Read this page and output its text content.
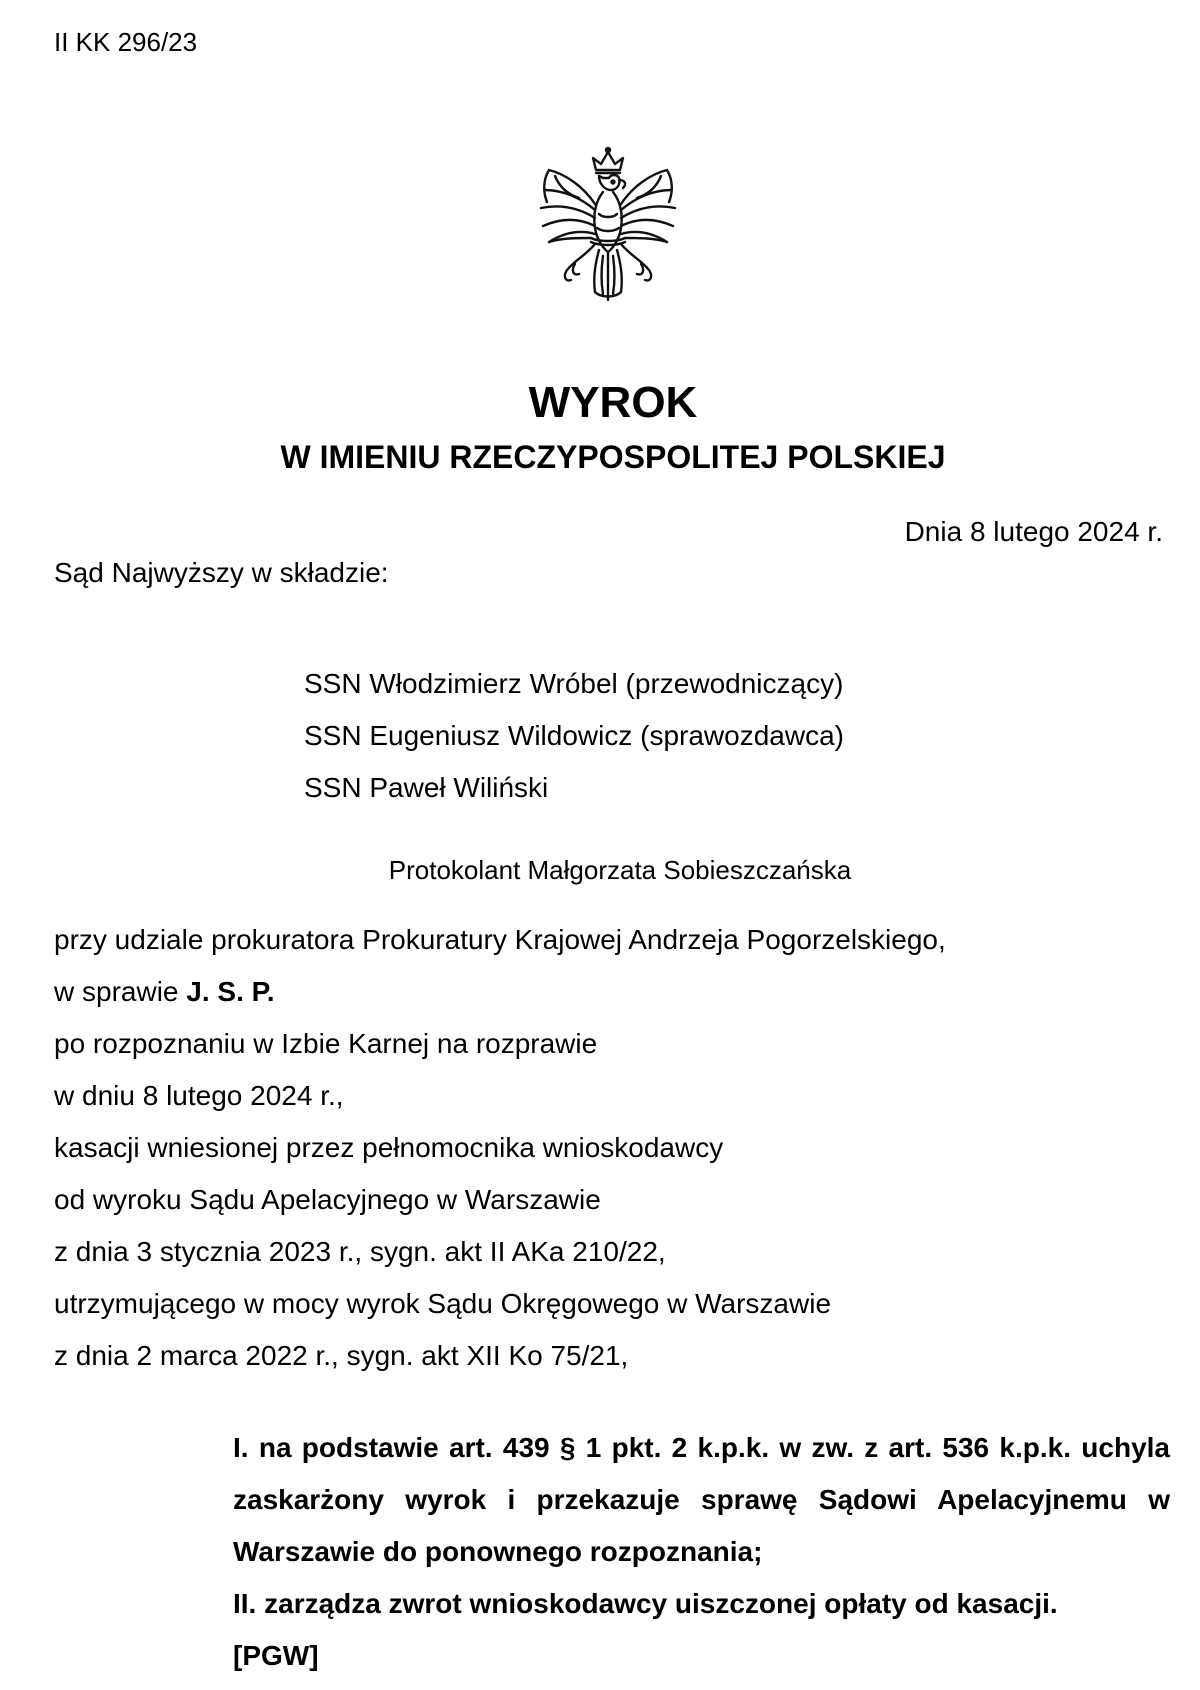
II KK 296/23

WYROK
W IMIENIU RZECZYPOSPOLITEJ POLSKIEJ

Dnia 8 lutego 2024 r.

Sąd Najwyższy w składzie:

SSN Włodzimierz Wróbel (przewodniczący)
SSN Eugeniusz Wildowicz (sprawozdawca)
SSN Paweł Wiliński

Protokolant Małgorzata Sobieszczańska

przy udziale prokuratora Prokuratury Krajowej Andrzeja Pogorzelskiego,
w sprawie J. S. P.
po rozpoznaniu w Izbie Karnej na rozprawie
w dniu 8 lutego 2024 r.,
kasacji wniesionej przez pełnomocnika wnioskodawcy
od wyroku Sądu Apelacyjnego w Warszawie
z dnia 3 stycznia 2023 r., sygn. akt II AKa 210/22,
utrzymującego w mocy wyrok Sądu Okręgowego w Warszawie
z dnia 2 marca 2022 r., sygn. akt XII Ko 75/21,

I. na podstawie art. 439 § 1 pkt. 2 k.p.k. w zw. z art. 536 k.p.k. uchyla zaskarżony wyrok i przekazuje sprawę Sądowi Apelacyjnemu w Warszawie do ponownego rozpoznania;

II. zarządza zwrot wnioskodawcy uiszczonej opłaty od kasacji.

[PGW]
